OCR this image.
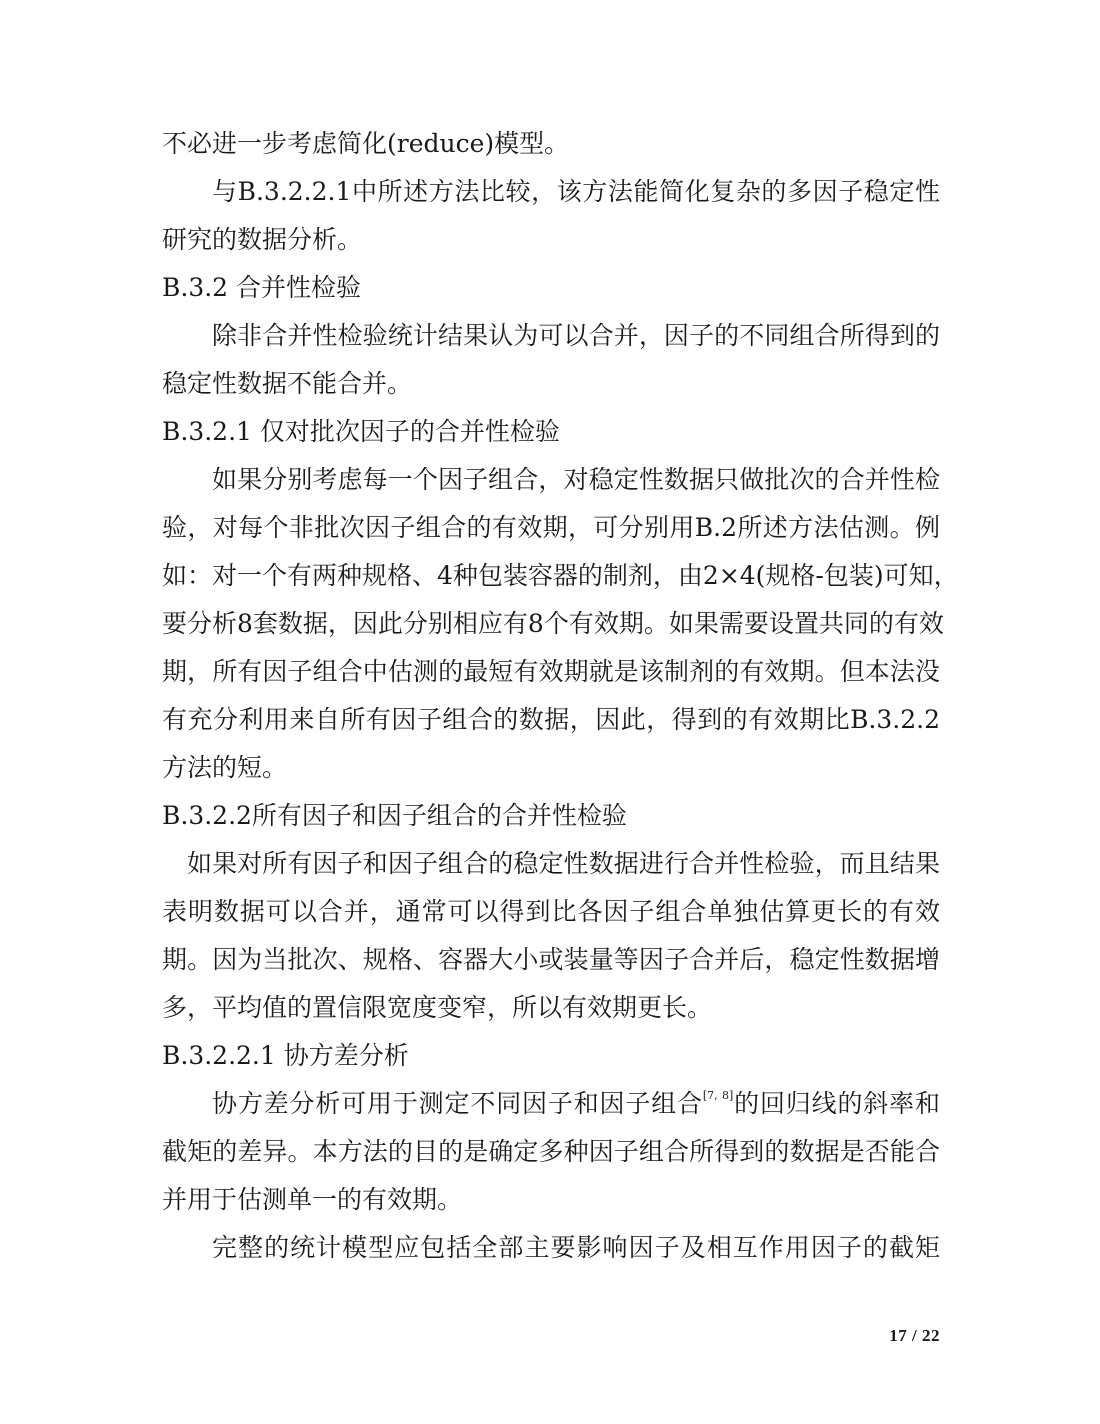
不必进一步考虑简化(reduce)模型。

与B.3.2.2.1中所述方法比较，该方法能简化复杂的多因子稳定性

研究的数据分析。

B.3.2 合并性检验

除非合并性检验统计结果认为可以合并，因子的不同组合所得到的

稳定性数据不能合并。

B.3.2.1 仅对批次因子的合并性检验

如果分别考虑每一个因子组合，对稳定性数据只做批次的合并性检

验，对每个非批次因子组合的有效期，可分别用B.2所述方法估测。例

如：对一个有两种规格、4种包装容器的制剂，由2×4(规格-包装)可知，

要分析8套数据，因此分别相应有8个有效期。如果需要设置共同的有效

期，所有因子组合中估测的最短有效期就是该制剂的有效期。但本法没

有充分利用来自所有因子组合的数据，因此，得到的有效期比B.3.2.2

方法的短。

B.3.2.2所有因子和因子组合的合并性检验

如果对所有因子和因子组合的稳定性数据进行合并性检验，而且结果

表明数据可以合并，通常可以得到比各因子组合单独估算更长的有效

期。因为当批次、规格、容器大小或装量等因子合并后，稳定性数据增

多，平均值的置信限宽度变窄，所以有效期更长。

B.3.2.2.1 协方差分析

协方差分析可用于测定不同因子和因子组合[7, 8]的回归线的斜率和

截矩的差异。本方法的目的是确定多种因子组合所得到的数据是否能合

并用于估测单一的有效期。

完整的统计模型应包括全部主要影响因子及相互作用因子的截矩

17 / 22
